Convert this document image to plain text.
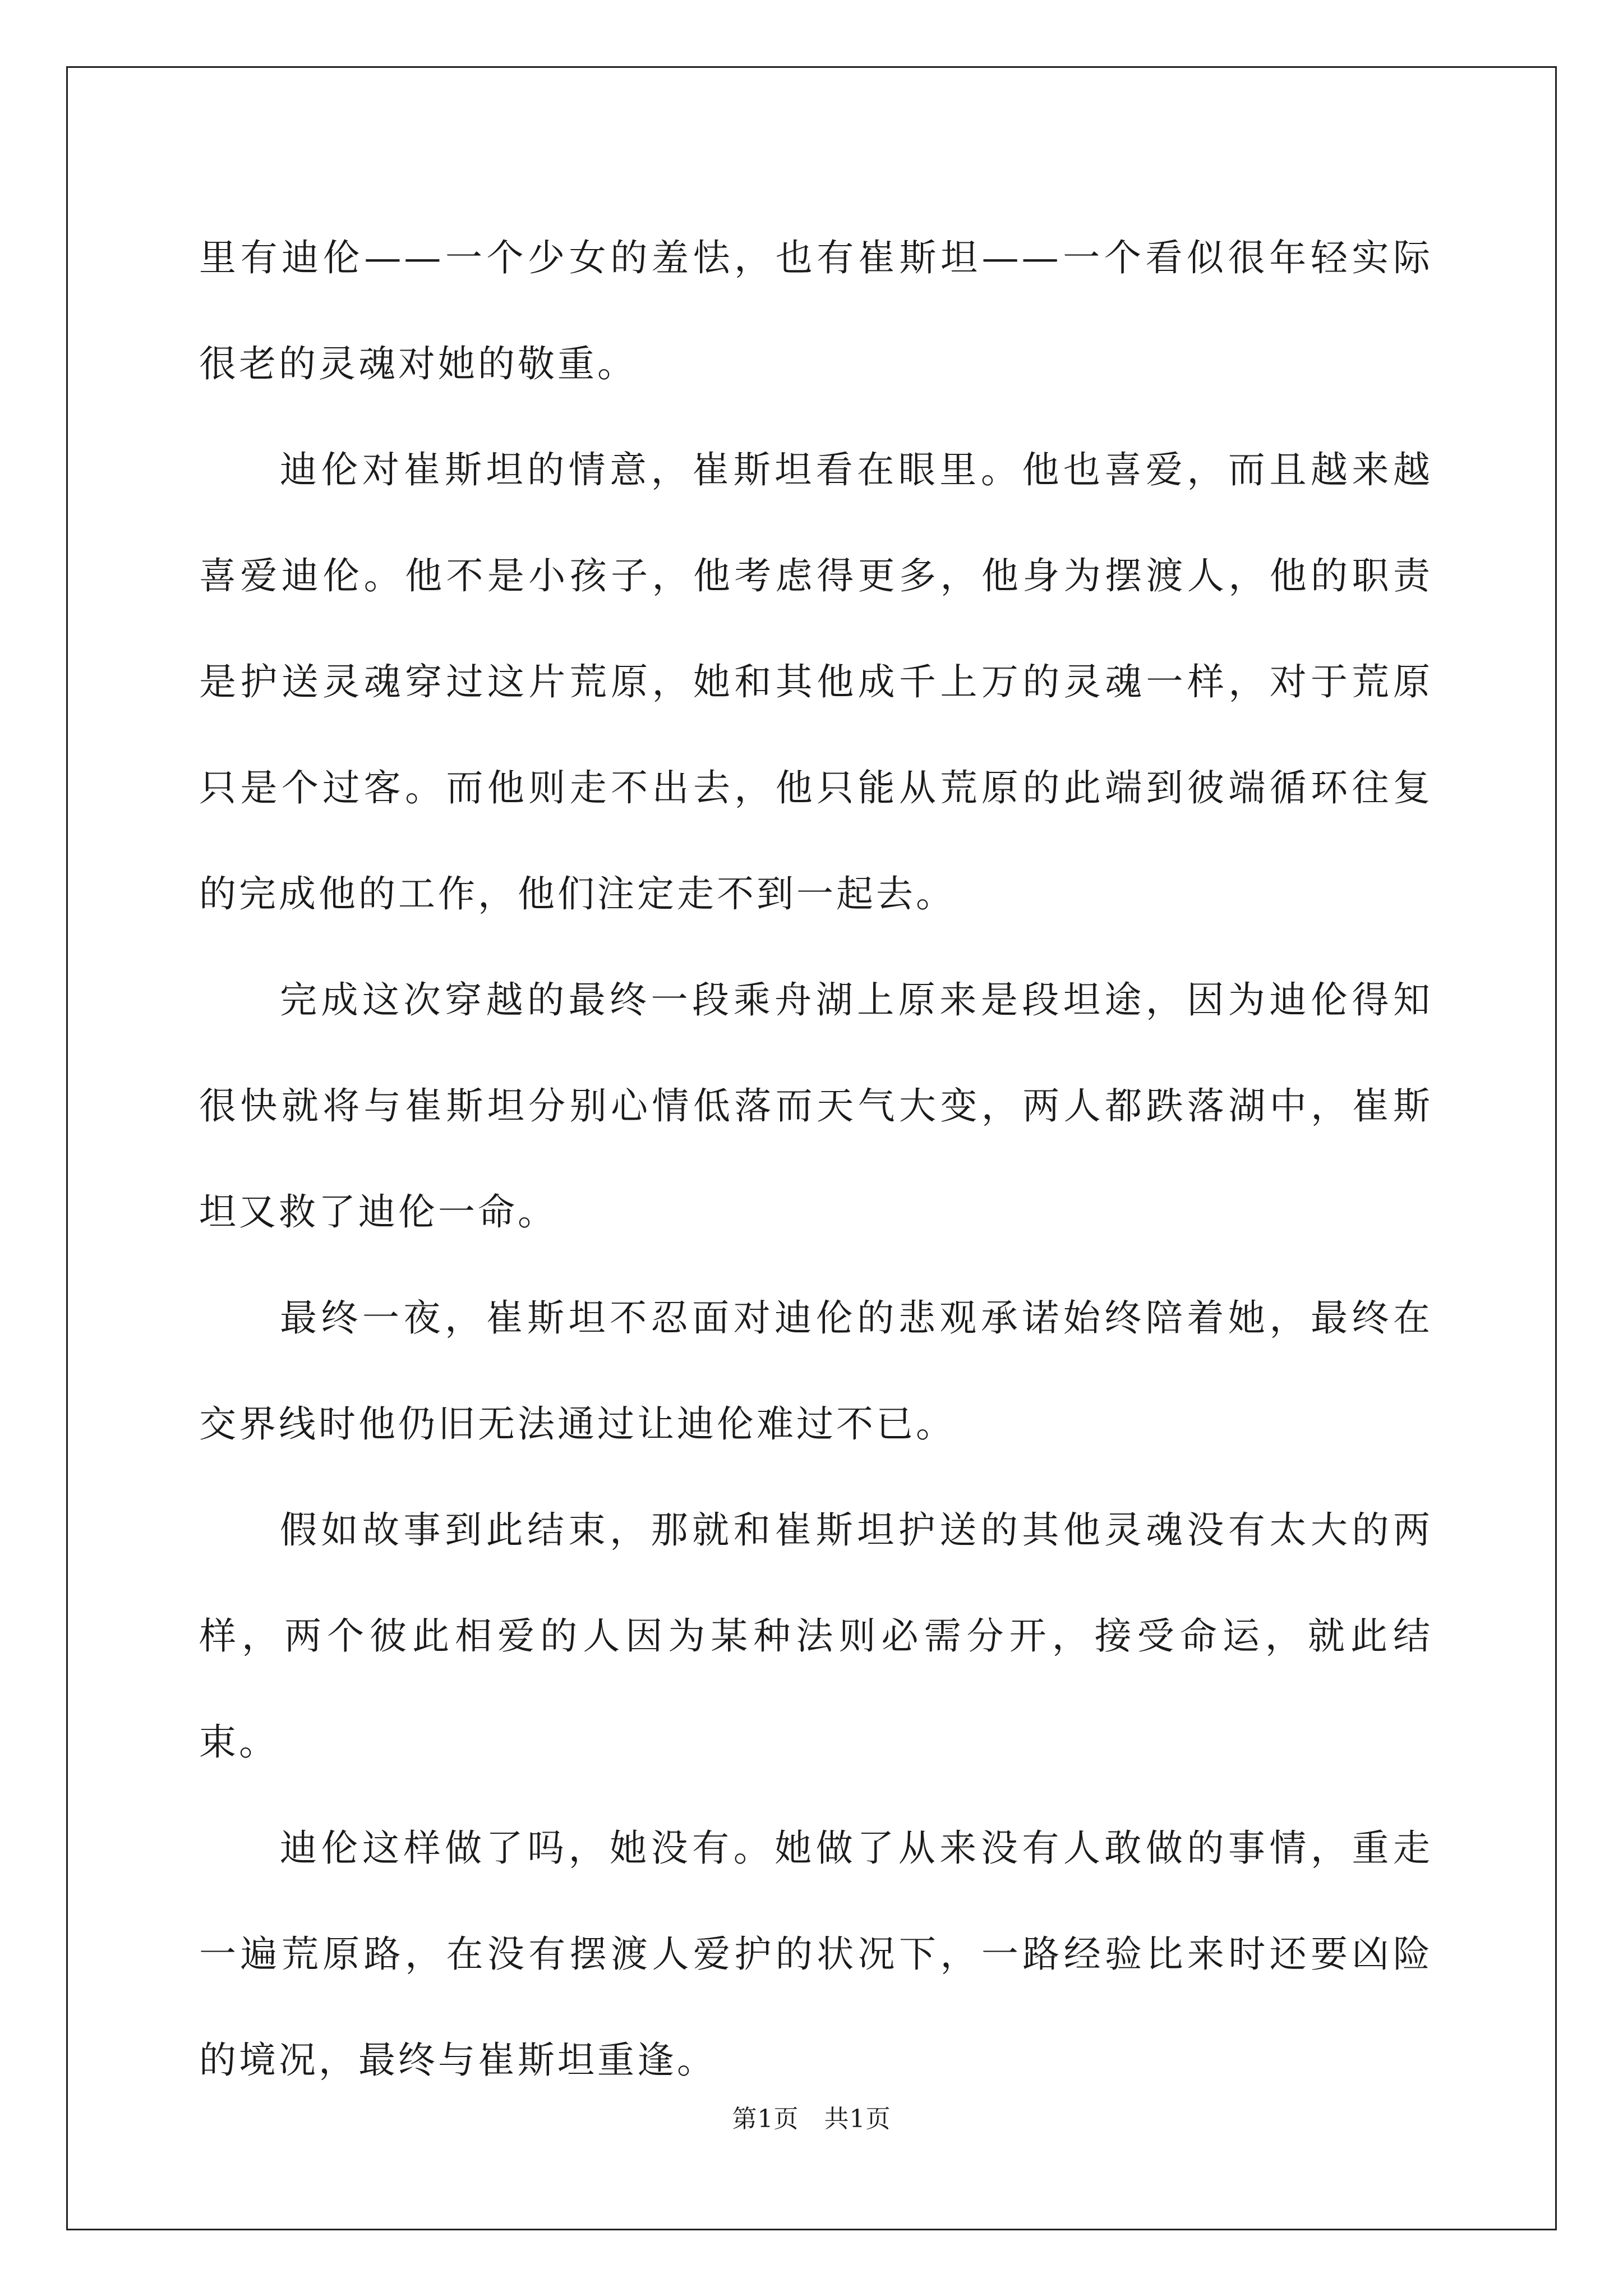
里有迪伦——一个少女的羞怯，也有崔斯坦——一个看似很年轻实际很老的灵魂对她的敬重。

迪伦对崔斯坦的情意，崔斯坦看在眼里。他也喜爱，而且越来越喜爱迪伦。他不是小孩子，他考虑得更多，他身为摆渡人，他的职责是护送灵魂穿过这片荒原，她和其他成千上万的灵魂一样，对于荒原只是个过客。而他则走不出去，他只能从荒原的此端到彼端循环往复的完成他的工作，他们注定走不到一起去。

完成这次穿越的最终一段乘舟湖上原来是段坦途，因为迪伦得知很快就将与崔斯坦分别心情低落而天气大变，两人都跌落湖中，崔斯坦又救了迪伦一命。

最终一夜，崔斯坦不忍面对迪伦的悲观承诺始终陪着她，最终在交界线时他仍旧无法通过让迪伦难过不已。

假如故事到此结束，那就和崔斯坦护送的其他灵魂没有太大的两样，两个彼此相爱的人因为某种法则必需分开，接受命运，就此结束。

迪伦这样做了吗，她没有。她做了从来没有人敢做的事情，重走一遍荒原路，在没有摆渡人爱护的状况下，一路经验比来时还要凶险的境况，最终与崔斯坦重逢。

第1页 共1页
